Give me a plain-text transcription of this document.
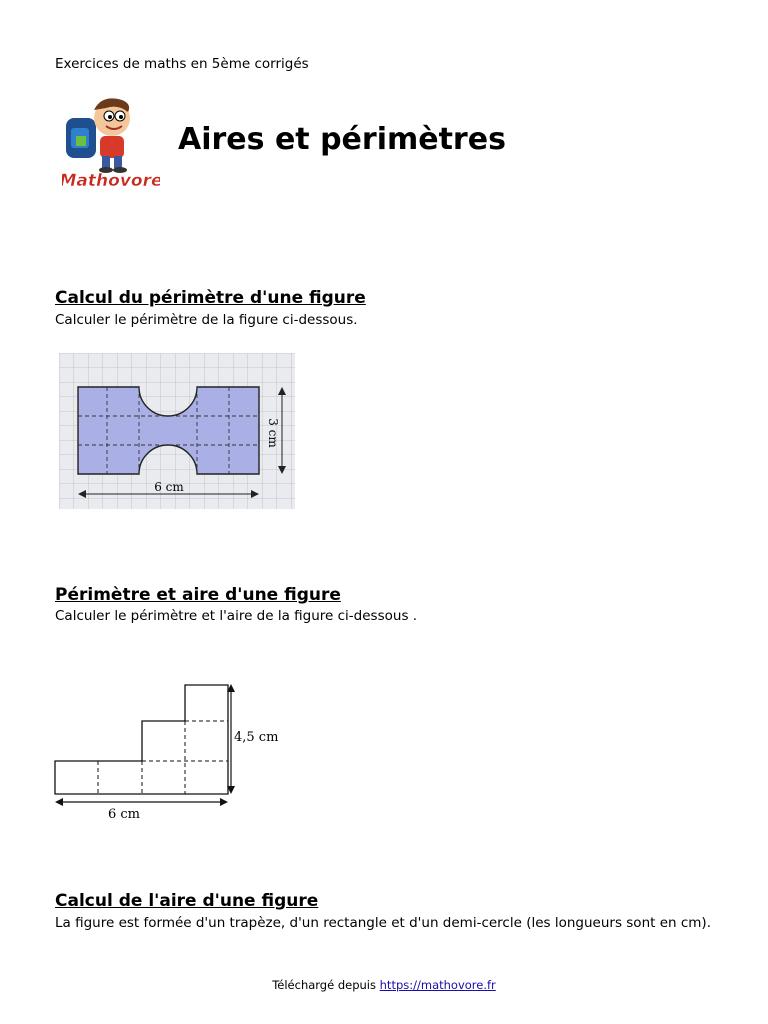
Exercices de maths en 5ème corrigés
Mathovore
Aires et périmètres
Calcul du périmètre d'une figure
Calculer le périmètre de la figure ci-dessous.
3 cm
6 cm
Périmètre et aire d'une figure
Calculer le périmètre et l'aire de la figure ci-dessous .
4,5 cm
6 cm
Calcul de l'aire d'une figure
La figure est formée d'un trapèze, d'un rectangle et d'un demi-cercle (les longueurs sont en cm).
Téléchargé depuis https://mathovore.fr
